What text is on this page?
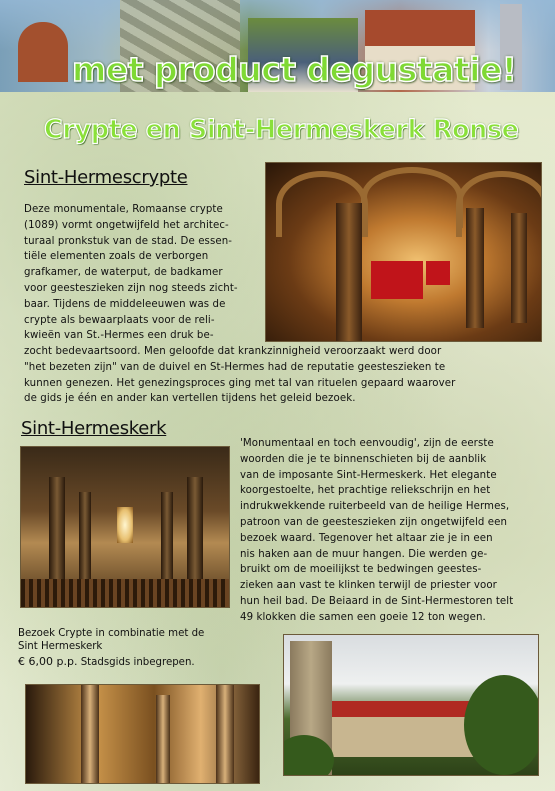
met product degustatie!
Crypte en Sint-Hermeskerk Ronse
Sint-Hermescrypte
Deze monumentale, Romaanse crypte
(1089) vormt ongetwijfeld het architec-
turaal pronkstuk van de stad. De essen-
tiële elementen zoals de verborgen
grafkamer, de waterput, de badkamer
voor geesteszieken zijn nog steeds zicht-
baar. Tijdens de middeleeuwen was de
crypte als bewaarplaats voor de reli-
kwieën van St.-Hermes een druk be-
zocht bedevaartsoord. Men geloofde dat krankzinnigheid veroorzaakt werd door
"het bezeten zijn" van de duivel en St-Hermes had de reputatie geesteszieken te
kunnen genezen. Het genezingsproces ging met tal van rituelen gepaard waarover
de gids je één en ander kan vertellen tijdens het geleid bezoek.
Sint-Hermeskerk
'Monumentaal en toch eenvoudig', zijn de eerste
woorden die je te binnenschieten bij de aanblik
van de imposante Sint-Hermeskerk. Het elegante
koorgestoelte, het prachtige reliekschrijn en het
indrukwekkende ruiterbeeld van de heilige Hermes,
patroon van de geesteszieken zijn ongetwijfeld een
bezoek waard. Tegenover het altaar zie je in een
nis haken aan de muur hangen. Die werden ge-
bruikt om de moeilijkst te bedwingen geestes-
zieken aan vast te klinken terwijl de priester voor
hun heil bad. De Beiaard in de Sint-Hermestoren telt
49 klokken die samen een goeie 12 ton wegen.
Bezoek Crypte in combinatie met de
Sint Hermeskerk
€ 6,00 p.p. Stadsgids inbegrepen.
